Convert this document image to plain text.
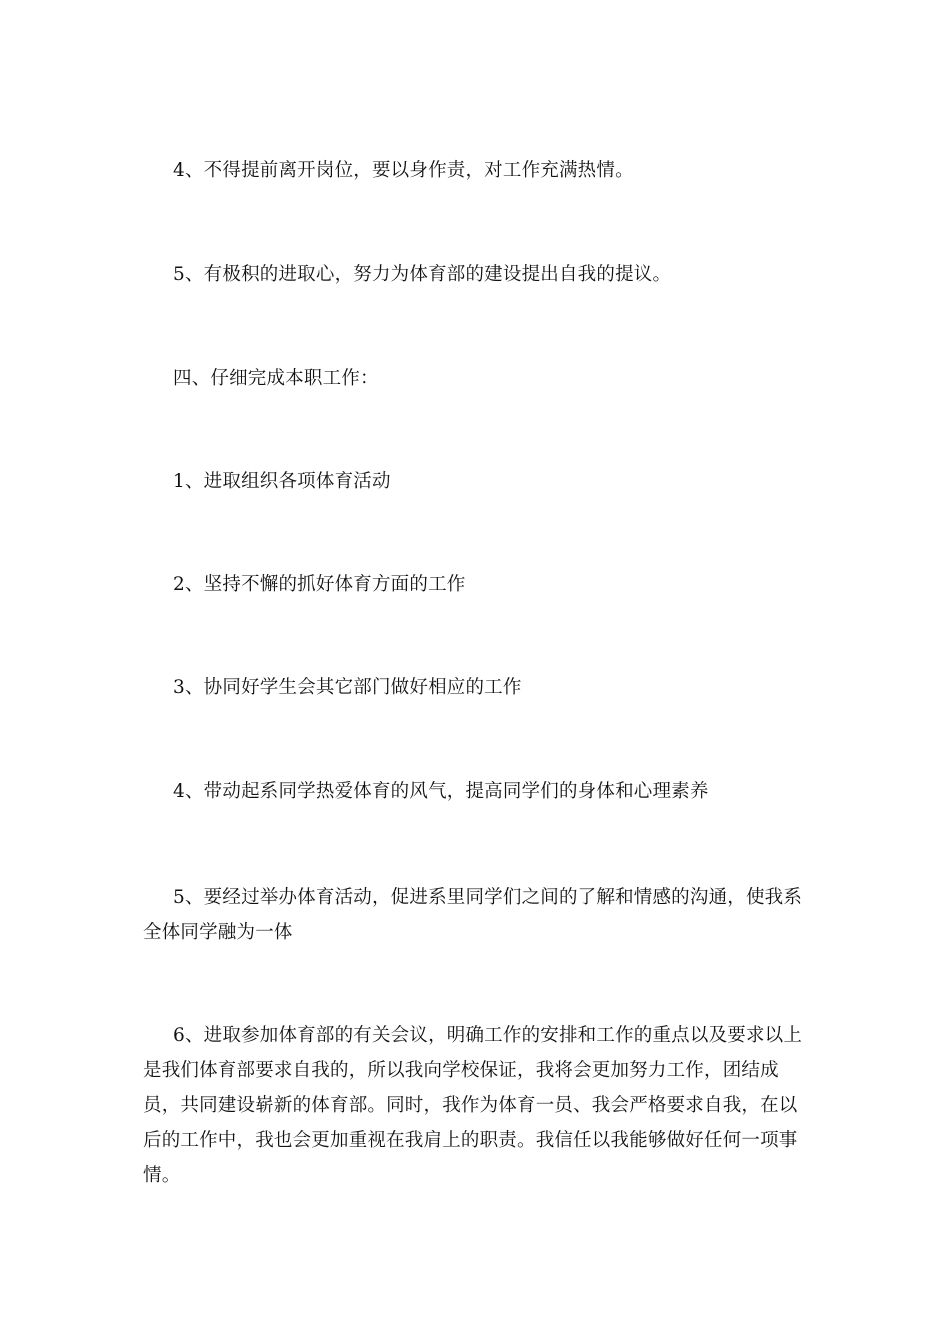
4、不得提前离开岗位，要以身作责，对工作充满热情。

5、有极积的进取心，努力为体育部的建设提出自我的提议。

四、仔细完成本职工作：

1、进取组织各项体育活动

2、坚持不懈的抓好体育方面的工作

3、协同好学生会其它部门做好相应的工作

4、带动起系同学热爱体育的风气，提高同学们的身体和心理素养

5、要经过举办体育活动，促进系里同学们之间的了解和情感的沟通，使我系全体同学融为一体

6、进取参加体育部的有关会议，明确工作的安排和工作的重点以及要求以上是我们体育部要求自我的，所以我向学校保证，我将会更加努力工作，团结成员，共同建设崭新的体育部。同时，我作为体育一员、我会严格要求自我，在以后的工作中，我也会更加重视在我肩上的职责。我信任以我能够做好任何一项事情。
